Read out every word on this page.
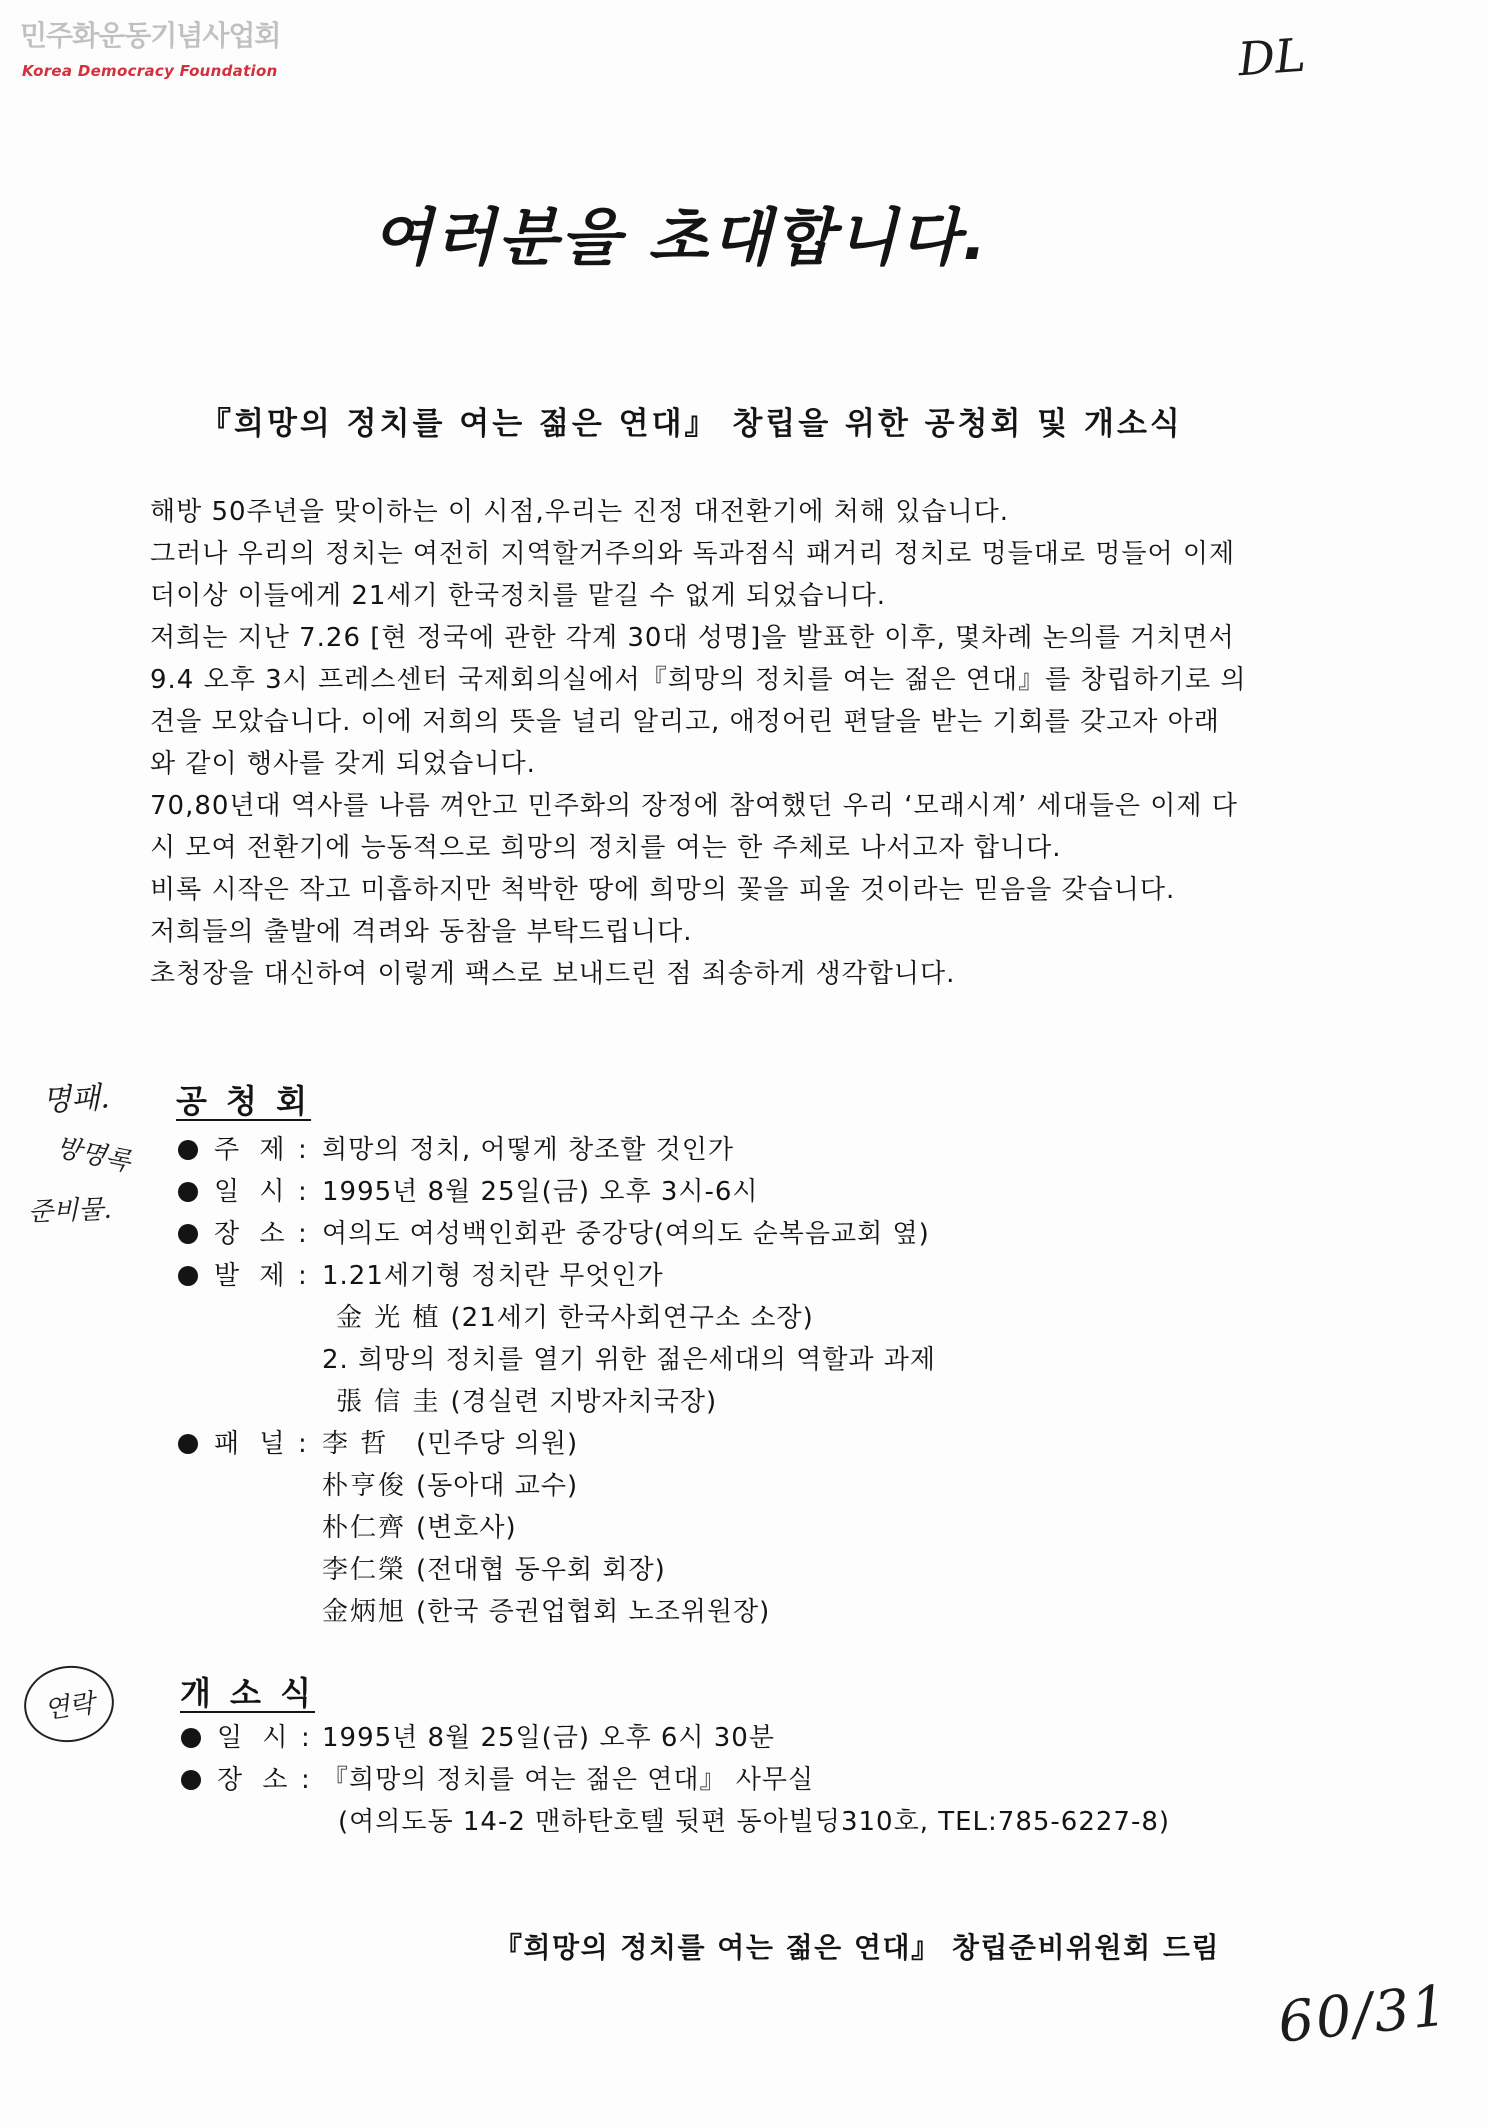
민주화운동기념사업회
Korea Democracy Foundation	DL
여러분을 초대합니다.
『희망의 정치를 여는 젊은 연대』 창립을 위한 공청회 및 개소식
해방 50주년을 맞이하는 이 시점,우리는 진정 대전환기에 처해 있습니다.
그러나 우리의 정치는 여전히 지역할거주의와 독과점식 패거리 정치로 멍들대로 멍들어 이제
더이상 이들에게 21세기 한국정치를 맡길 수 없게 되었습니다.
저희는 지난 7.26 [현 정국에 관한 각계 30대 성명]을 발표한 이후, 몇차례 논의를 거치면서
9.4 오후 3시 프레스센터 국제회의실에서『희망의 정치를 여는 젊은 연대』를 창립하기로 의
견을 모았습니다. 이에 저희의 뜻을 널리 알리고, 애정어린 편달을 받는 기회를 갖고자 아래
와 같이 행사를 갖게 되었습니다.
70,80년대 역사를 나름 껴안고 민주화의 장정에 참여했던 우리 ‘모래시계’ 세대들은 이제 다
시 모여 전환기에 능동적으로 희망의 정치를 여는 한 주체로 나서고자 합니다.
비록 시작은 작고 미흡하지만 척박한 땅에 희망의 꽃을 피울 것이라는 믿음을 갖습니다.
저희들의 출발에 격려와 동참을 부탁드립니다.
초청장을 대신하여 이렇게 팩스로 보내드린 점 죄송하게 생각합니다.
명패.
방명록
준비물.
공 청 회
주 제 : 희망의 정치, 어떻게 창조할 것인가
일 시 : 1995년 8월 25일(금) 오후 3시-6시
장 소 : 여의도 여성백인회관 중강당(여의도 순복음교회 옆)
발 제 : 1.21세기형 정치란 무엇인가
金 光 植 (21세기 한국사회연구소 소장)
2. 희망의 정치를 열기 위한 젊은세대의 역할과 과제
張 信 圭 (경실련 지방자치국장)
패 널 : 李 哲 (민주당 의원)
朴亨俊 (동아대 교수)
朴仁齊 (변호사)
李仁榮 (전대협 동우회 회장)
金炳旭 (한국 증권업협회 노조위원장)
연락	개 소 식
일 시 : 1995년 8월 25일(금) 오후 6시 30분
장 소 : 『희망의 정치를 여는 젊은 연대』 사무실
(여의도동 14-2 맨하탄호텔 뒷편 동아빌딩310호, TEL:785-6227-8)
『희망의 정치를 여는 젊은 연대』 창립준비위원회 드림
60/31
